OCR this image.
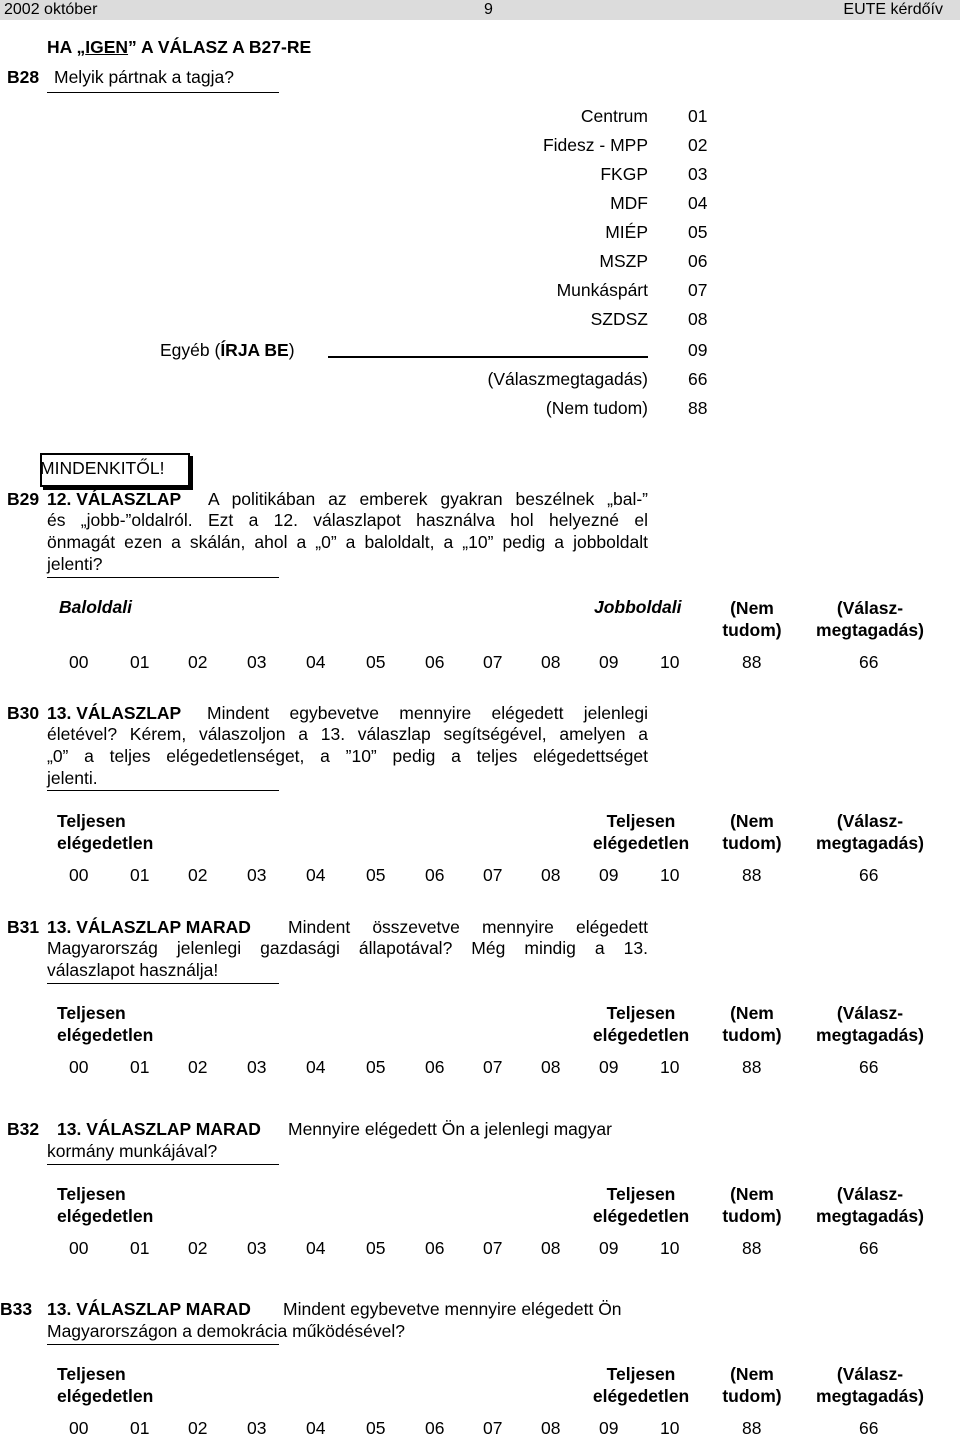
2002 október	9	EUTE kérdőív
HA „IGEN” A VÁLASZ A B27-RE
B28 Melyik pártnak a tagja?
Centrum 01
Fidesz - MPP 02
FKGP 03
MDF 04
MIÉP 05
MSZP 06
Munkáspárt 07
SZDSZ 08
Egyéb (ÍRJA BE)	09
(Válaszmegtagadás) 66
(Nem tudom) 88
MINDENKITŐL!
B29 12. VÁLASZLAP A politikában az emberek gyakran beszélnek „bal-”
és „jobb-”oldalról. Ezt a 12. válaszlapot használva hol helyezné el
önmagát ezen a skálán, ahol a „0” a baloldalt, a „10” pedig a jobboldalt
jelenti?
Baloldali	Jobboldali	(Nem
tudom)
(Válasz-
megtagadás)
00 01 02 03 04 05 06 07 08 09 10	88	66
B30 13. VÁLASZLAP Mindent egybevetve mennyire elégedett jelenlegi
életével? Kérem, válaszoljon a 13. válaszlap segítségével, amelyen a
„0” a teljes elégedetlenséget, a ”10” pedig a teljes elégedettséget
jelenti.
Teljesen
elégedetlen
Teljesen
elégedetlen
(Nem
tudom)
(Válasz-
megtagadás)
00 01 02 03 04 05 06 07 08 09 10	88	66
B31 13. VÁLASZLAP MARAD Mindent összevetve mennyire elégedett
Magyarország jelenlegi gazdasági állapotával? Még mindig a 13.
válaszlapot használja!
Teljesen
elégedetlen
Teljesen
elégedetlen
(Nem
tudom)
(Válasz-
megtagadás)
00 01 02 03 04 05 06 07 08 09 10	88	66
B32 13. VÁLASZLAP MARAD Mennyire elégedett Ön a jelenlegi magyar
kormány munkájával?
Teljesen
elégedetlen
Teljesen
elégedetlen
(Nem
tudom)
(Válasz-
megtagadás)
00 01 02 03 04 05 06 07 08 09 10	88	66
B33 13. VÁLASZLAP MARAD Mindent egybevetve mennyire elégedett Ön
Magyarországon a demokrácia működésével?
Teljesen
elégedetlen
Teljesen
elégedetlen
(Nem
tudom)
(Válasz-
megtagadás)
00 01 02 03 04 05 06 07 08 09 10	88	66
